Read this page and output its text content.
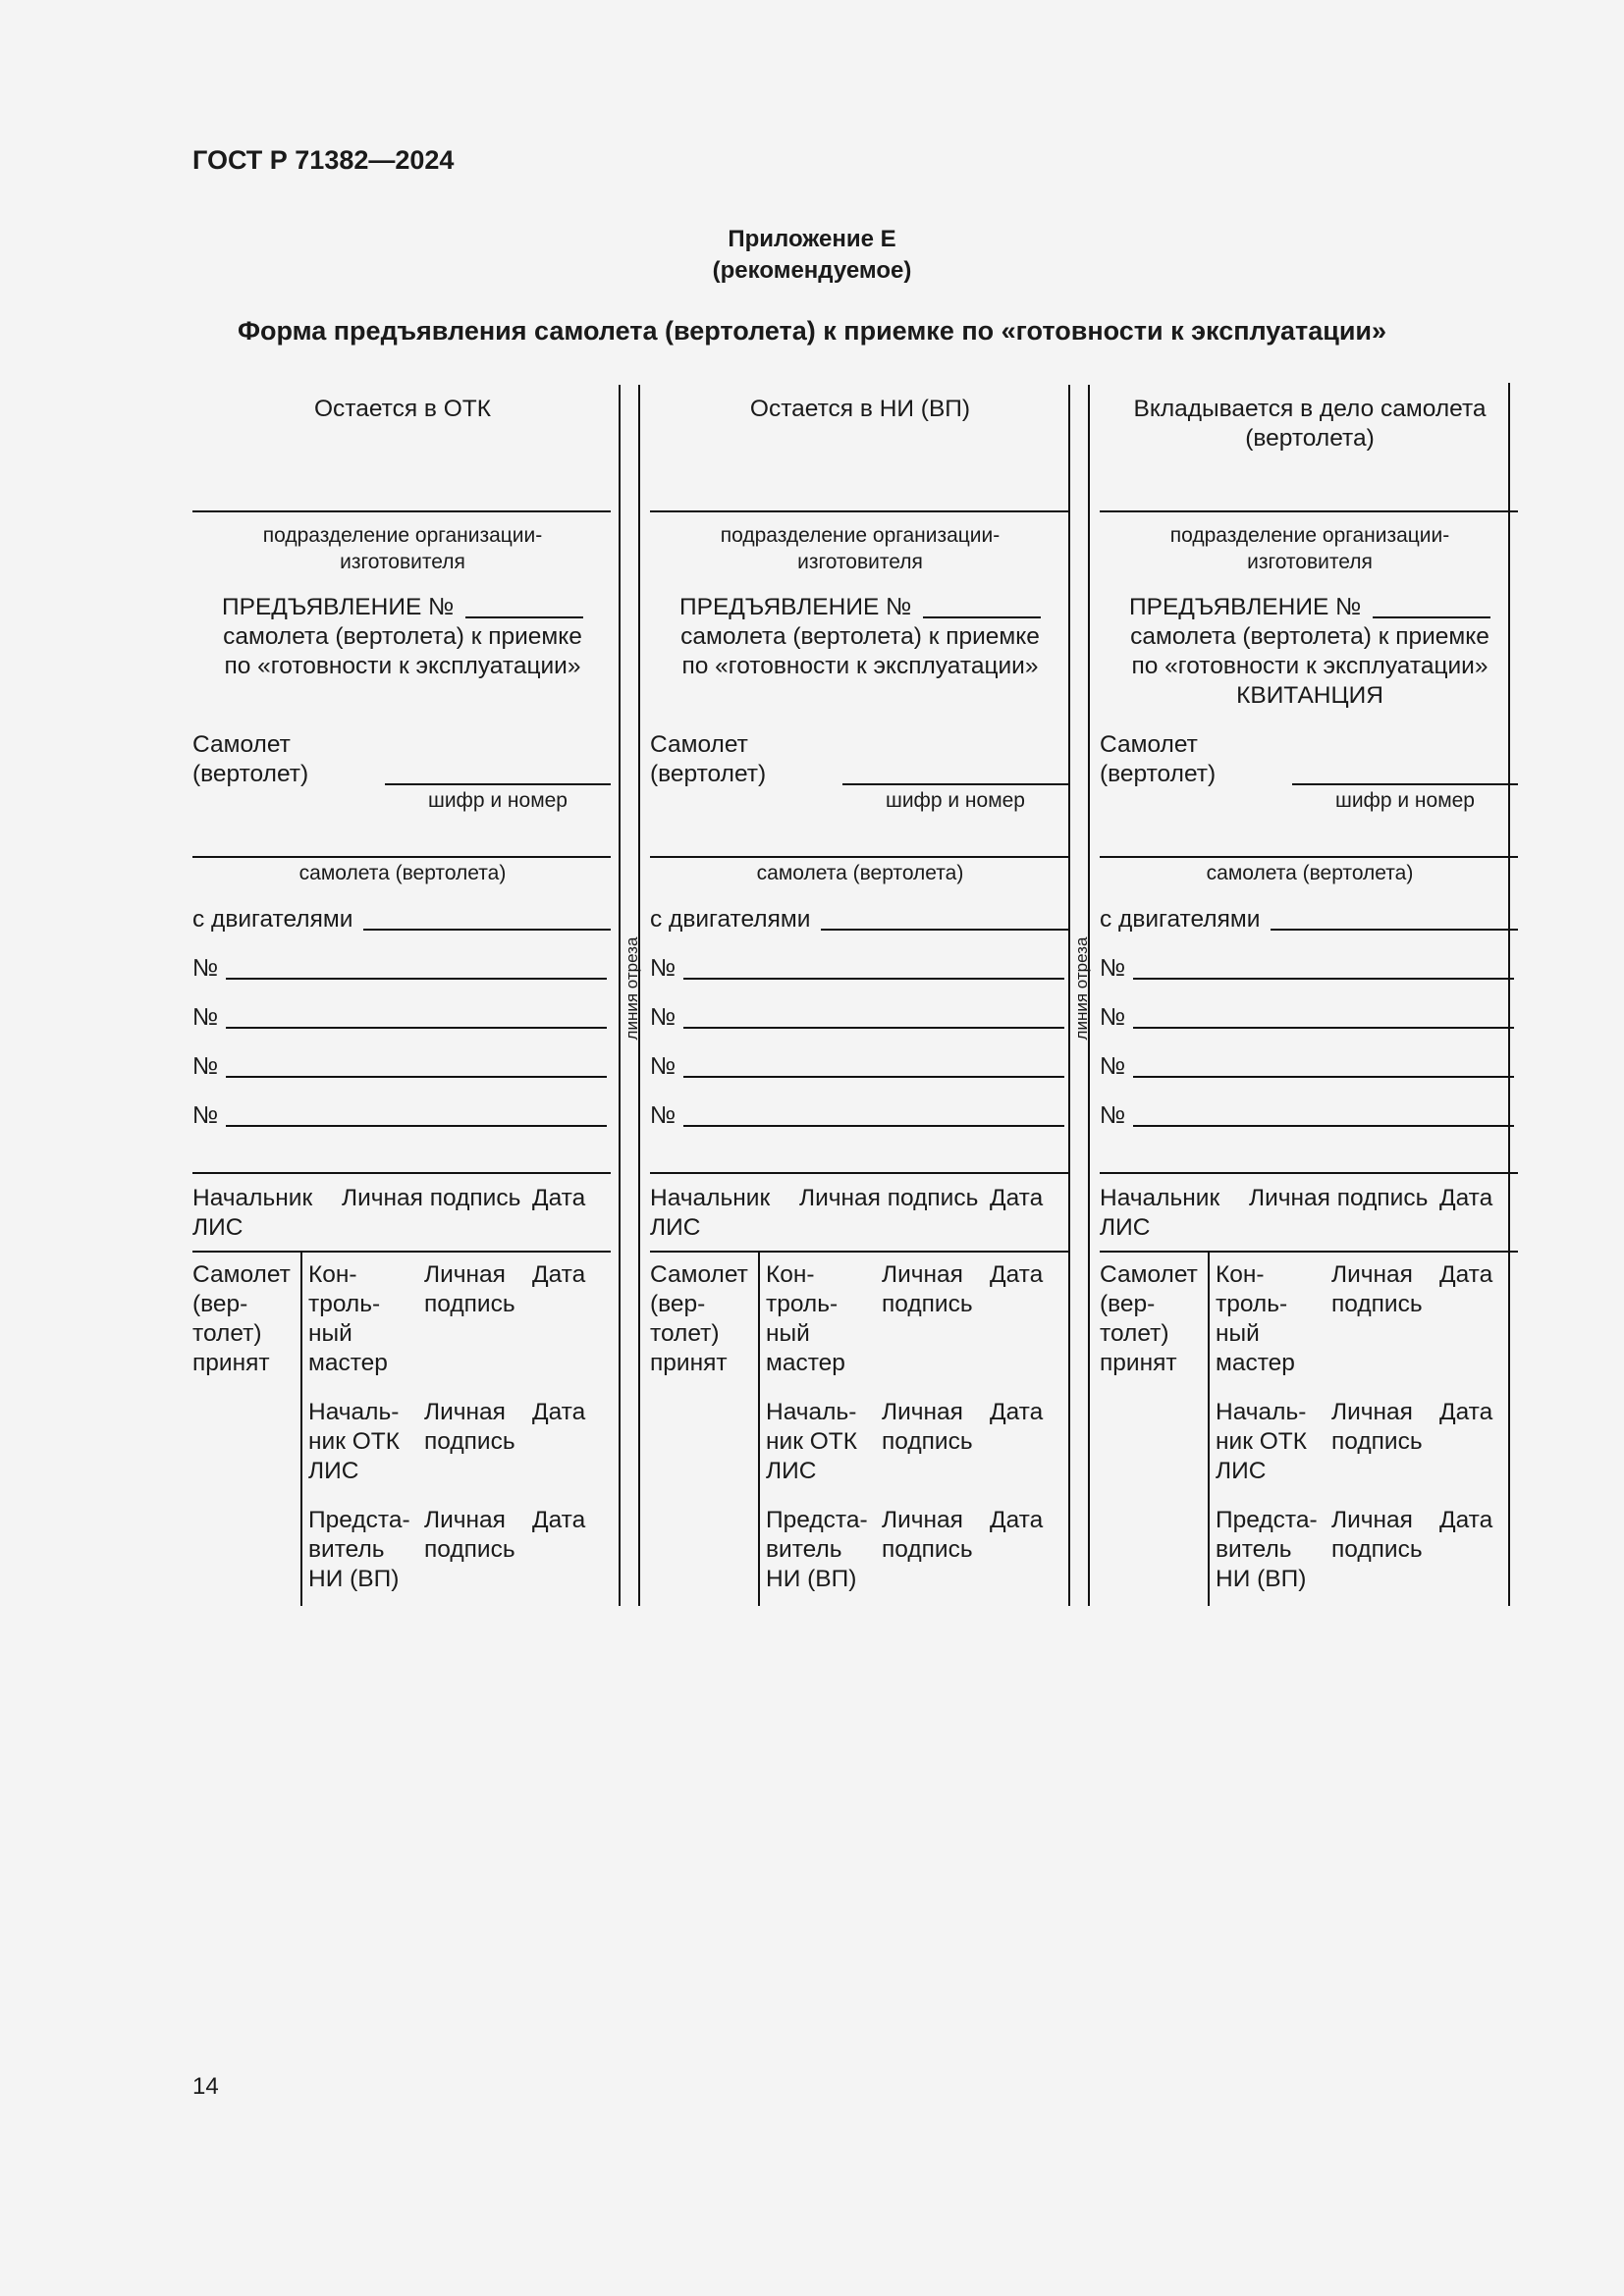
ГОСТ Р 71382—2024
Приложение Е
(рекомендуемое)
Форма предъявления самолета (вертолета) к приемке по «готовности к эксплуатации»
линия отреза	линия отреза
14
Остается в ОТК
подразделение организации-
изготовителя
ПРЕДЪЯВЛЕНИЕ №
самолета (вертолета) к приемке
по «готовности к эксплуатации»
Самолет
(вертолет)
шифр и номер
самолета (вертолета)
с двигателями
№
№
№
№
Начальник
ЛИС
Личная подпись Дата
Самолет
(вер-
толет)
принят
Кон-
троль-
ный
мастер
Личная
подпись
Дата
Началь-
ник ОТК
ЛИС
Личная
подпись
Дата
Предста-
витель
НИ (ВП)
Личная
подпись
Дата
Остается в НИ (ВП)
подразделение организации-
изготовителя
ПРЕДЪЯВЛЕНИЕ №
самолета (вертолета) к приемке
по «готовности к эксплуатации»
Самолет
(вертолет)
шифр и номер
самолета (вертолета)
с двигателями
№
№
№
№
Начальник
ЛИС
Личная подпись Дата
Самолет
(вер-
толет)
принят
Кон-
троль-
ный
мастер
Личная
подпись
Дата
Началь-
ник ОТК
ЛИС
Личная
подпись
Дата
Предста-
витель
НИ (ВП)
Личная
подпись
Дата
Вкладывается в дело самолета
(вертолета)
подразделение организации-
изготовителя
ПРЕДЪЯВЛЕНИЕ №
самолета (вертолета) к приемке
по «готовности к эксплуатации»
КВИТАНЦИЯ
Самолет
(вертолет)
шифр и номер
самолета (вертолета)
с двигателями
№
№
№
№
Начальник
ЛИС
Личная подпись Дата
Самолет
(вер-
толет)
принят
Кон-
троль-
ный
мастер
Личная
подпись
Дата
Началь-
ник ОТК
ЛИС
Личная
подпись
Дата
Предста-
витель
НИ (ВП)
Личная
подпись
Дата
